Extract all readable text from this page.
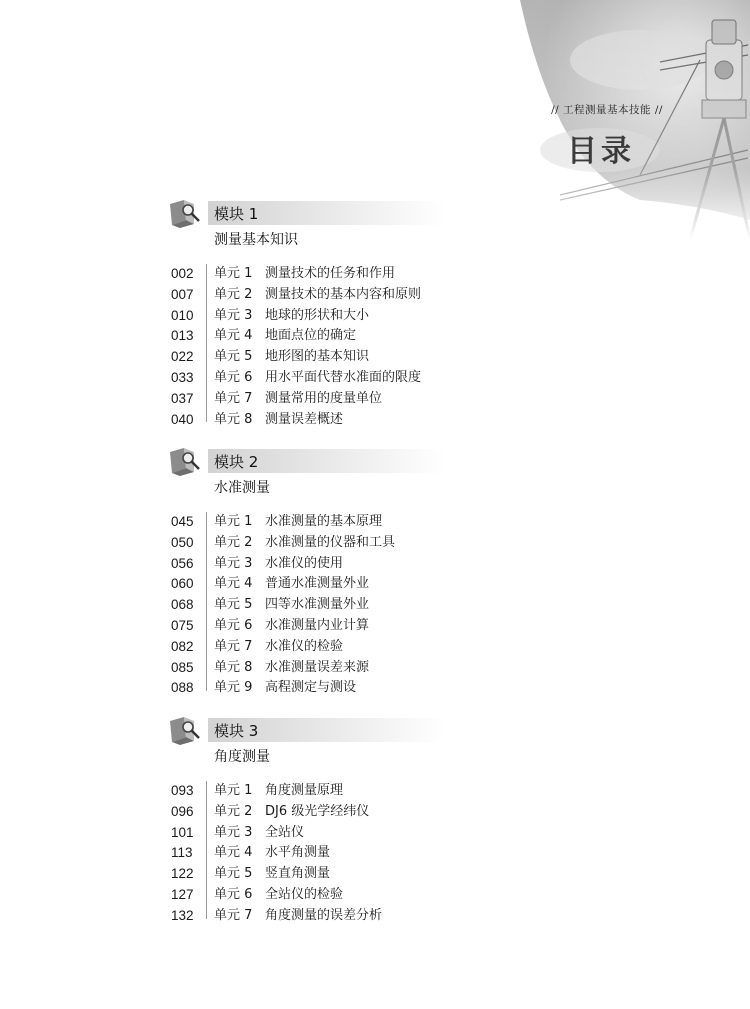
// 工程测量基本技能 //
目录
模块 1
测量基本知识
002 单元 1 测量技术的任务和作用
007 单元 2 测量技术的基本内容和原则
010 单元 3 地球的形状和大小
013 单元 4 地面点位的确定
022 单元 5 地形图的基本知识
033 单元 6 用水平面代替水准面的限度
037 单元 7 测量常用的度量单位
040 单元 8 测量误差概述
模块 2
水准测量
045 单元 1 水准测量的基本原理
050 单元 2 水准测量的仪器和工具
056 单元 3 水准仪的使用
060 单元 4 普通水准测量外业
068 单元 5 四等水准测量外业
075 单元 6 水准测量内业计算
082 单元 7 水准仪的检验
085 单元 8 水准测量误差来源
088 单元 9 高程测定与测设
模块 3
角度测量
093 单元 1 角度测量原理
096 单元 2 DJ6 级光学经纬仪
101 单元 3 全站仪
113 单元 4 水平角测量
122 单元 5 竖直角测量
127 单元 6 全站仪的检验
132 单元 7 角度测量的误差分析
